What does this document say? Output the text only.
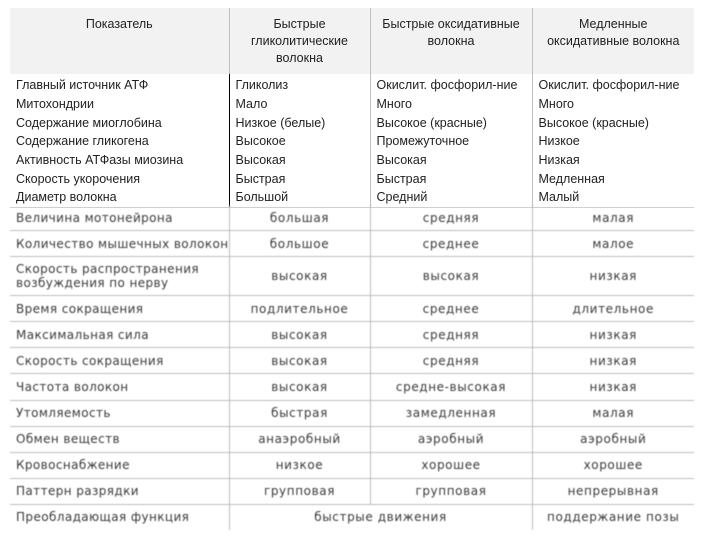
Показатель	Быстрые гликолитические волокна	Быстрые оксидативные волокна	Медленные оксидативные волокна
Главный источник АТФ	Гликолиз	Окислит. фосфорил-ние	Окислит. фосфорил-ние
Митохондрии	Мало	Много	Много
Содержание миоглобина	Низкое (белые)	Высокое (красные)	Высокое (красные)
Содержание гликогена	Высокое	Промежуточное	Низкое
Активность АТФазы миозина	Высокая	Высокая	Низкая
Скорость укорочения	Быстрая	Быстрая	Медленная
Диаметр волокна	Большой	Средний	Малый
Величина мотонейрона	большая	средняя	малая
Количество мышечных волокон	большое	среднее	малое
Скорость распространения возбуждения по нерву	высокая	высокая	низкая
Время сокращения	подлительное	среднее	длительное
Максимальная сила	высокая	средняя	низкая
Скорость сокращения	высокая	средняя	низкая
Частота волокон	высокая	средне-высокая	низкая
Утомляемость	быстрая	замедленная	малая
Обмен веществ	анаэробный	аэробный	аэробный
Кровоснабжение	низкое	хорошее	хорошее
Паттерн разрядки	групповая	групповая	непрерывная
Преобладающая функция	быстрые движения		поддержание позы
